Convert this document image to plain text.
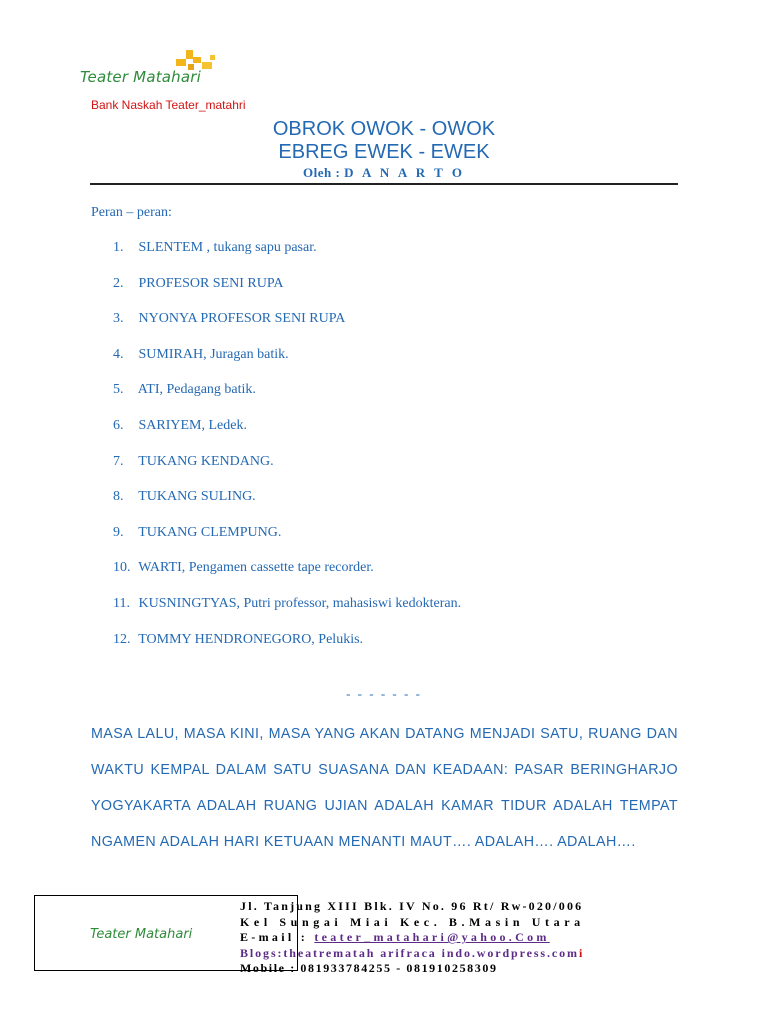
Teater Matahari
Bank Naskah Teater_matahri
OBROK OWOK - OWOK
EBREG EWEK - EWEK
Oleh : D A N A R T O
Peran – peran:
1. SLENTEM , tukang sapu pasar.
2. PROFESOR SENI RUPA
3. NYONYA PROFESOR SENI RUPA
4. SUMIRAH, Juragan batik.
5. ATI, Pedagang batik.
6. SARIYEM, Ledek.
7. TUKANG KENDANG.
8. TUKANG SULING.
9. TUKANG CLEMPUNG.
10. WARTI, Pengamen cassette tape recorder.
11. KUSNINGTYAS, Putri professor, mahasiswi kedokteran.
12. TOMMY HENDRONEGORO, Pelukis.
- - - - - - -
MASA LALU, MASA KINI, MASA YANG AKAN DATANG MENJADI SATU, RUANG DAN WAKTU KEMPAL DALAM SATU SUASANA DAN KEADAAN: PASAR BERINGHARJO YOGYAKARTA ADALAH RUANG UJIAN ADALAH KAMAR TIDUR ADALAH TEMPAT NGAMEN ADALAH HARI KETUAAN MENANTI MAUT…. ADALAH…. ADALAH….
Teater Matahari
Jl. Tanjung XIII Blk. IV No. 96 Rt/ Rw-020/006
Kel Sungai Miai Kec. B.Masin Utara
E-mail : teater_matahari@yahoo.Com
Blogs:theatrematah arifraca indo.wordpress.comi
Mobile : 081933784255 - 081910258309
